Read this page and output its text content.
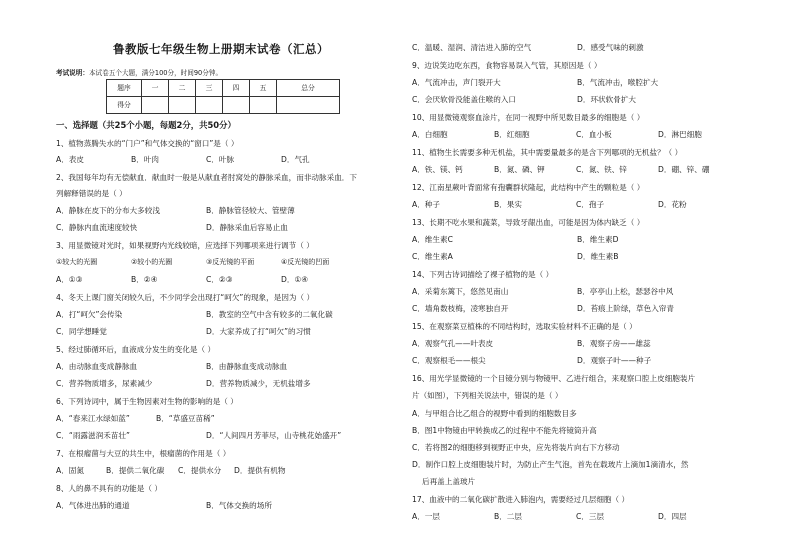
鲁教版七年级生物上册期末试卷（汇总）
考试说明：本试卷五个大题，满分100分，时间90分钟。
题序	一	二	三	四	五	总分
得分						
一、选择题（共25个小题，每题2分，共50分）
1、植物蒸腾失水的“门户”和气体交换的“窗口”是（ ）
A．表皮	B．叶肉	C．叶脉	D．气孔
2、我国每年均有无偿献血．献血时一般是从献血者肘窝处的静脉采血，而非动脉采血．下
列解释错误的是（ ）
A．静脉在皮下的分布大多较浅	B．静脉管径较大、管壁薄
C．静脉内血流速度较快	D．静脉采血后容易止血
3、用显微镜对光时，如果视野内光线较暗，应选择下列哪项来进行调节（ ）
①较大的光圈	②较小的光圈	③反光镜的平面	④反光镜的凹面
A．①③	B．②④	C．②③	D．①④
4、冬天上课门窗关闭较久后，不少同学会出现打“呵欠”的现象，是因为（ ）
A．打“呵欠”会传染	B．教室的空气中含有较多的二氧化碳
C．同学想睡觉	D．大家养成了打“呵欠”的习惯
5、经过肺循环后，血液成分发生的变化是（ ）
A．由动脉血变成静脉血	B．由静脉血变成动脉血
C．营养物质增多，尿素减少	D．营养物质减少，无机盐增多
6、下列诗词中，属于生物因素对生物的影响的是（ ）
A．“春来江水绿如蓝”	B．“草盛豆苗稀”
C．“雨露滋润禾苗壮”	D．“人间四月芳菲尽，山寺桃花始盛开”
7、在根瘤菌与大豆的共生中，根瘤菌的作用是（ ）
A．固氮	B．提供二氧化碳 C．提供水分 D．提供有机物
8、人的鼻不具有的功能是（ ）
A．气体进出肺的通道	B．气体交换的场所
C．温暖、湿润、清洁进入肺的空气	D．感受气味的刺激
9、边说笑边吃东西，食物容易误入气管，其原因是（ ）
A．气流冲击，声门裂开大	B．气流冲击，喉腔扩大
C．会厌软骨没能盖住喉的入口	D．环状软骨扩大
10、用显微镜观察血涂片，在同一视野中所见数目最多的细胞是（ ）
A．白细胞	B．红细胞	C．血小板	D．淋巴细胞
11、植物生长需要多种无机盐，其中需要量最多的是含下列哪项的无机盐？（ ）
A．铁、镁、钙	B．氮、磷、钾	C．氮、铁、锌	D．硼、锌、硼
12、江南星蕨叶背面常有孢囊群状隆起，此结构中产生的颗粒是（ ）
A．种子	B．果实	C．孢子	D．花粉
13、长期不吃水果和蔬菜，导致牙龈出血，可能是因为体内缺乏（ ）
A．维生素C	B．维生素D
C．维生素A	D．维生素B
14、下列古诗词描绘了裸子植物的是（ ）
A．采菊东篱下，悠然见南山	B．亭亭山上松，瑟瑟谷中风
C．墙角数枝梅，凌寒独自开	D．苔痕上阶绿，草色入帘青
15、在观察菜豆植株的不同结构时，选取实验材料不正确的是（ ）
A．观察气孔——叶表皮	B．观察子房——雄蕊
C．观察根毛——根尖	D．观察子叶——种子
16、用光学显微镜的一个目镜分别与物镜甲、乙进行组合，来观察口腔上皮细胞装片
片（如图），下列相关说法中，错误的是（ ）
A．与甲组合比乙组合的视野中看到的细胞数目多
B．图1中物镜由甲转换成乙的过程中不能先将镜筒升高
C．若将图2的细胞移到视野正中央，应先将装片向右下方移动
D．制作口腔上皮细胞装片时，为防止产生气泡，首先在载玻片上滴加1滴清水，然
后再盖上盖玻片
17、血液中的二氧化碳扩散进入肺泡内，需要经过几层细胞（ ）
A．一层	B．二层	C．三层	D．四层
